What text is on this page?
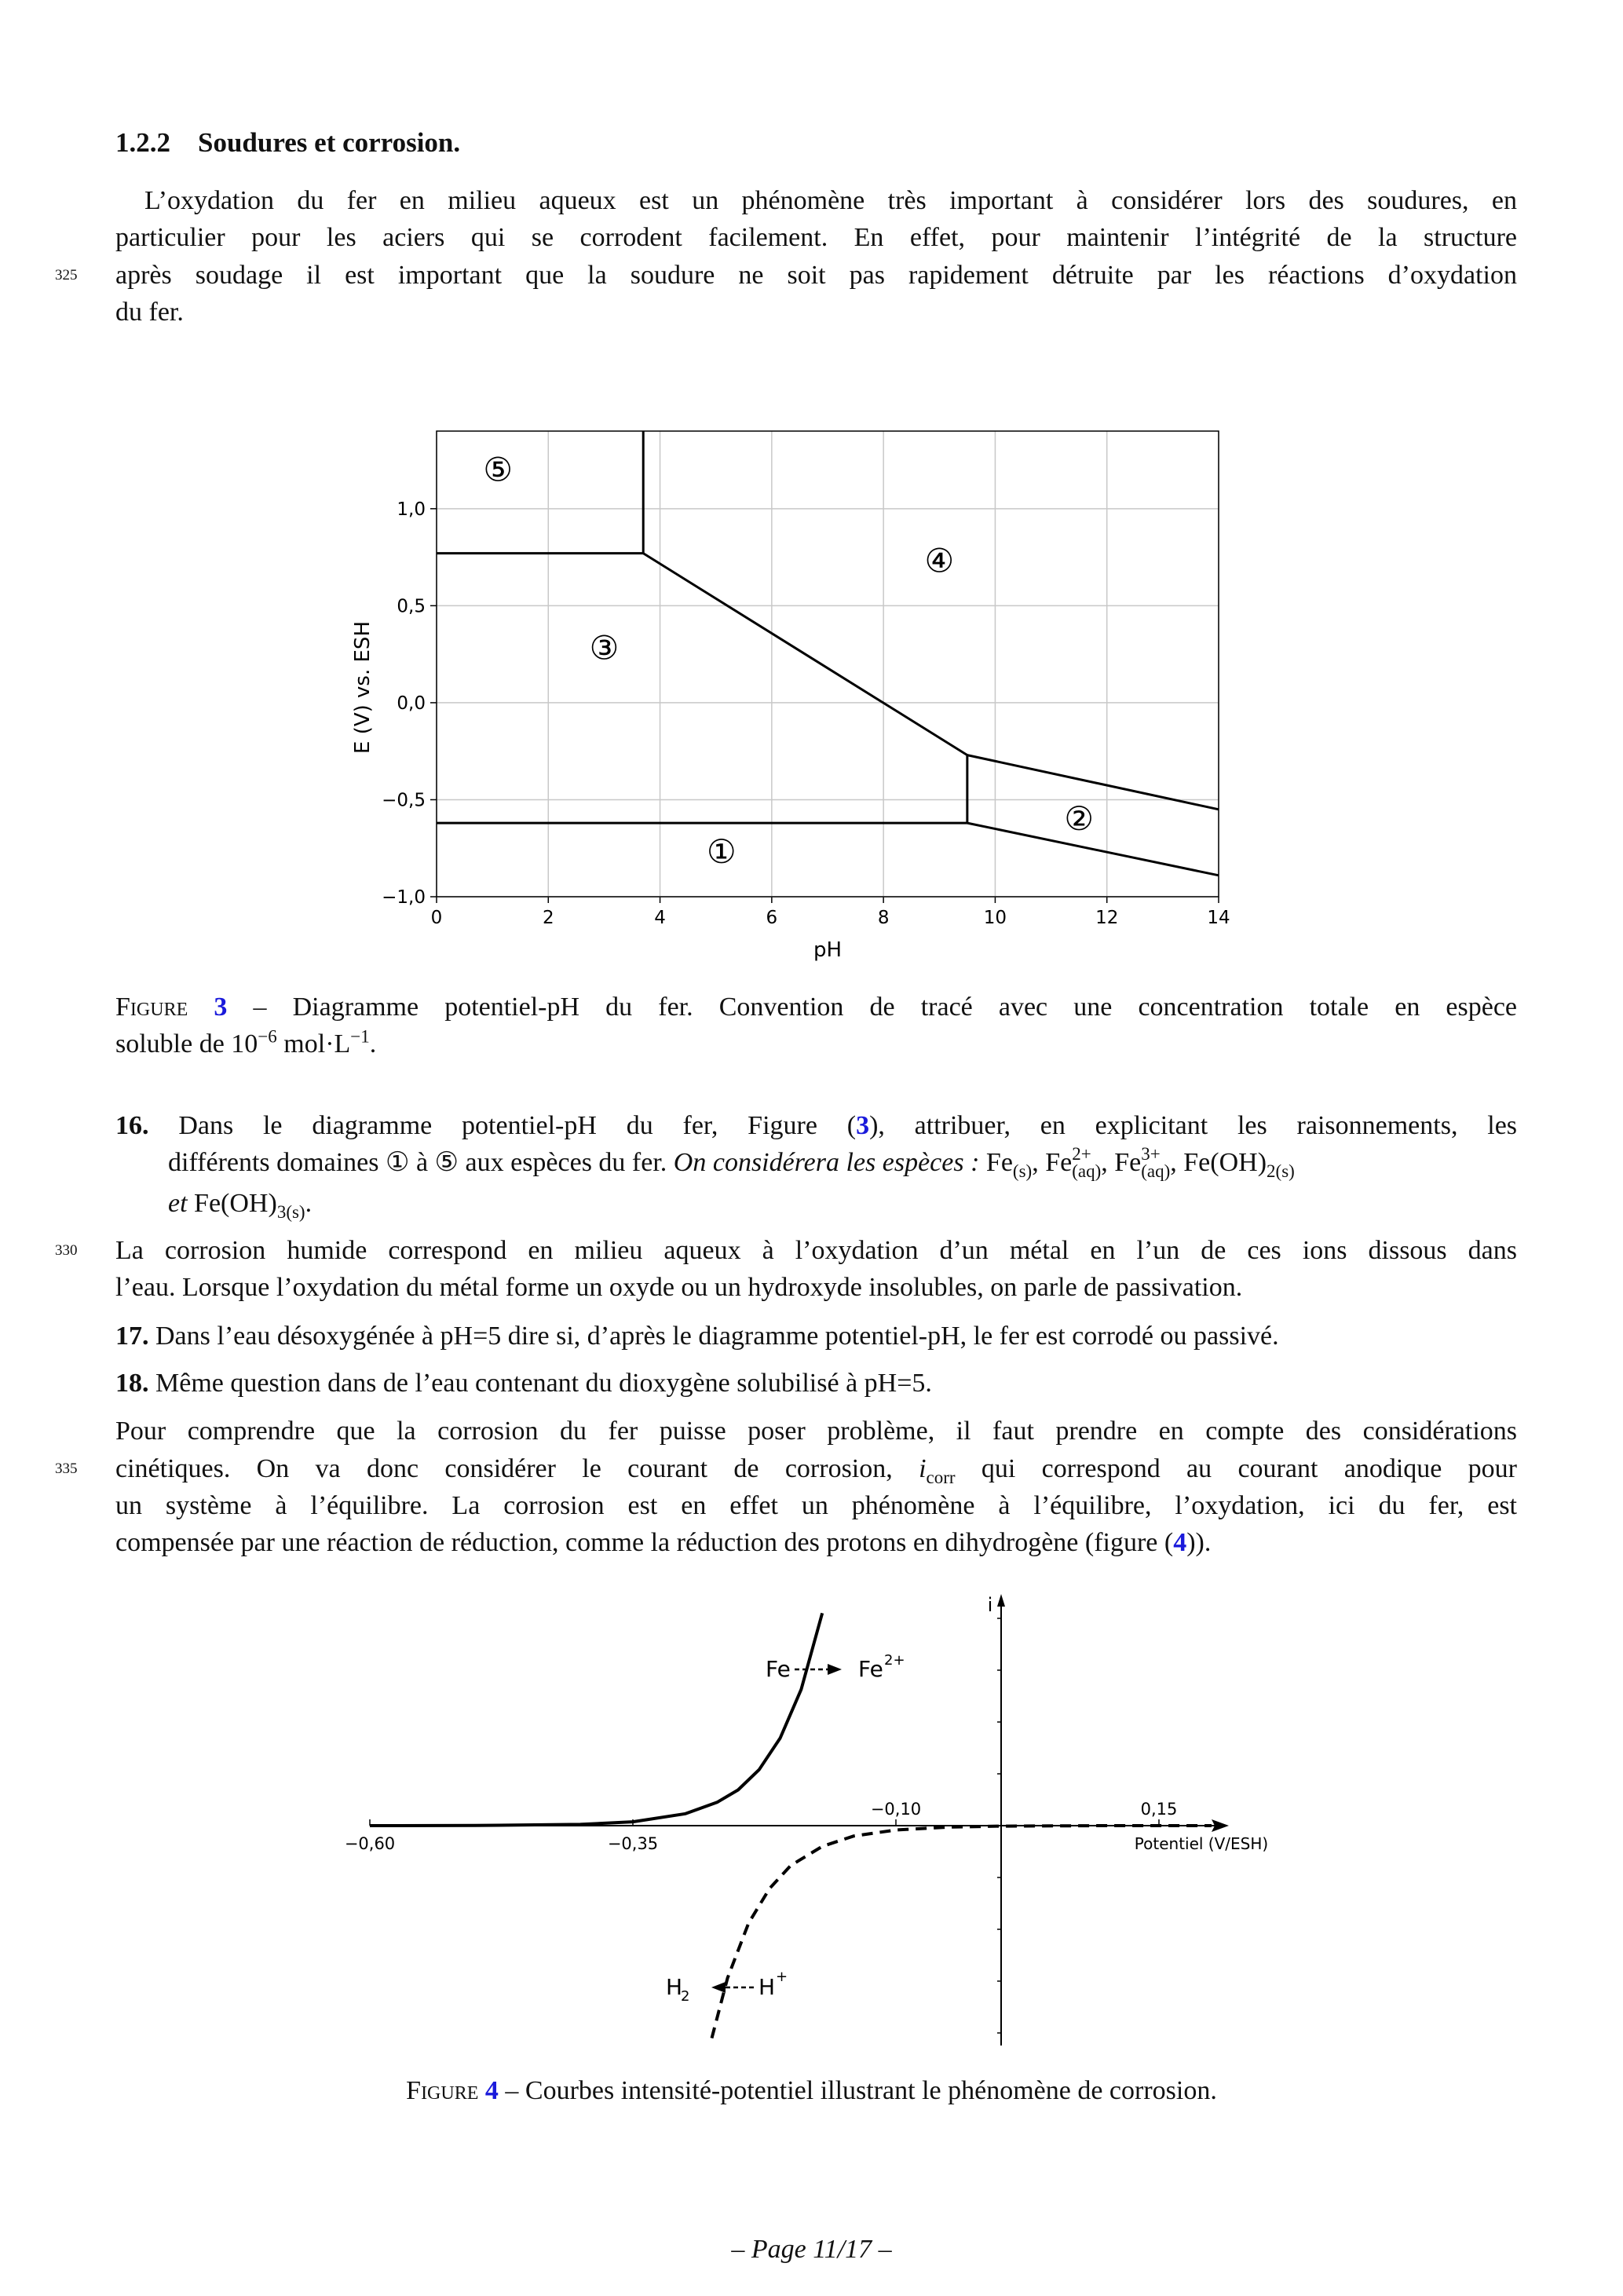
1.2.2 Soudures et corrosion.
325
L’oxydation du fer en milieu aqueux est un phénomène très important à considérer lors des soudures, en
particulier pour les aciers qui se corrodent facilement. En effet, pour maintenir l’intégrité de la structure
après soudage il est important que la soudure ne soit pas rapidement détruite par les réactions d’oxydation
du fer.
0	2	4	6	8	10	12	14
−1,0
−0,5
0,0
0,5
1,0
⑤
④
③
②
①
pH
E (V) vs. ESH
Figure 3 – Diagramme potentiel-pH du fer. Convention de tracé avec une concentration totale en espèce
soluble de $10^{-6}$ $mol\cdot L^{-1}$.
16. Dans le diagramme potentiel-pH du fer, Figure (3), attribuer, en explicitant les raisonnements, les
différents domaines ① à ⑤ aux espèces du fer. On considérera les espèces : $Fe_{(s)}$, Fe 2+
(aq) , Fe 3+
(aq) , $Fe(OH)_{2(s)}$
et $Fe(OH)_{3(s)}$.
330 La corrosion humide correspond en milieu aqueux à l’oxydation d’un métal en l’un de ces ions dissous dans
l’eau. Lorsque l’oxydation du métal forme un oxyde ou un hydroxyde insolubles, on parle de passivation.
17. Dans l’eau désoxygénée à pH=5 dire si, d’après le diagramme potentiel-pH, le fer est corrodé ou passivé.
18. Même question dans de l’eau contenant du dioxygène solubilisé à pH=5.
335
Pour comprendre que la corrosion du fer puisse poser problème, il faut prendre en compte des considérations
cinétiques. On va donc considérer le courant de corrosion, $i_{corr}$ qui correspond au courant anodique pour
un système à l’équilibre. La corrosion est en effet un phénomène à l’équilibre, l’oxydation, ici du fer, est
compensée par une réaction de réduction, comme la réduction des protons en dihydrogène (figure (4)).
i
−0,60	−0,35
−0,10	0,15
Potentiel (V/ESH)
Fe	Fe 2+
H
2	H +
Figure 4 – Courbes intensité-potentiel illustrant le phénomène de corrosion.
– Page 11/17 –
